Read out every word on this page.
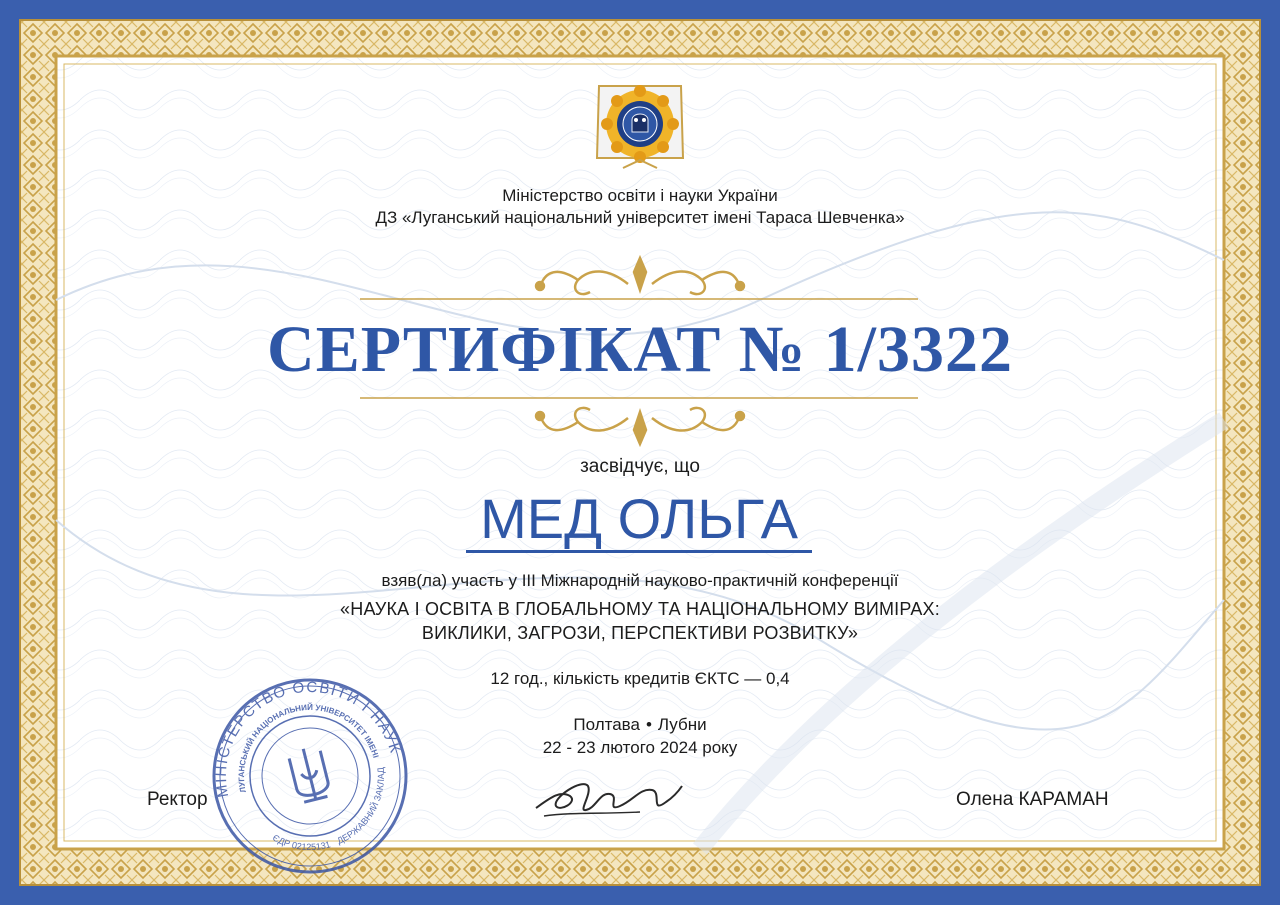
Міністерство освіти і науки України
ДЗ «Луганський національний університет імені Тараса Шевченка»
СЕРТИФІКАТ № 1/3322
засвідчує, що
МЕД ОЛЬГА
взяв(ла) участь у ІІІ Міжнародній науково-практичній конференції
«НАУКА І ОСВІТА В ГЛОБАЛЬНОМУ ТА НАЦІОНАЛЬНОМУ ВИМІРАХ:
ВИКЛИКИ, ЗАГРОЗИ, ПЕРСПЕКТИВИ РОЗВИТКУ»
12 год., кількість кредитів ЄКТС — 0,4
Полтава • Лубни
22 - 23 лютого 2024 року
Ректор	Олена КАРАМАН
МІНІСТЕРСТВО ОСВІТИ І НАУКИ
ЛУГАНСЬКИЙ НАЦІОНАЛЬНИЙ УНІВЕРСИТЕТ ІМЕНІ
ЄДР 02125131 ДЕРЖАВНИЙ ЗАКЛАД
